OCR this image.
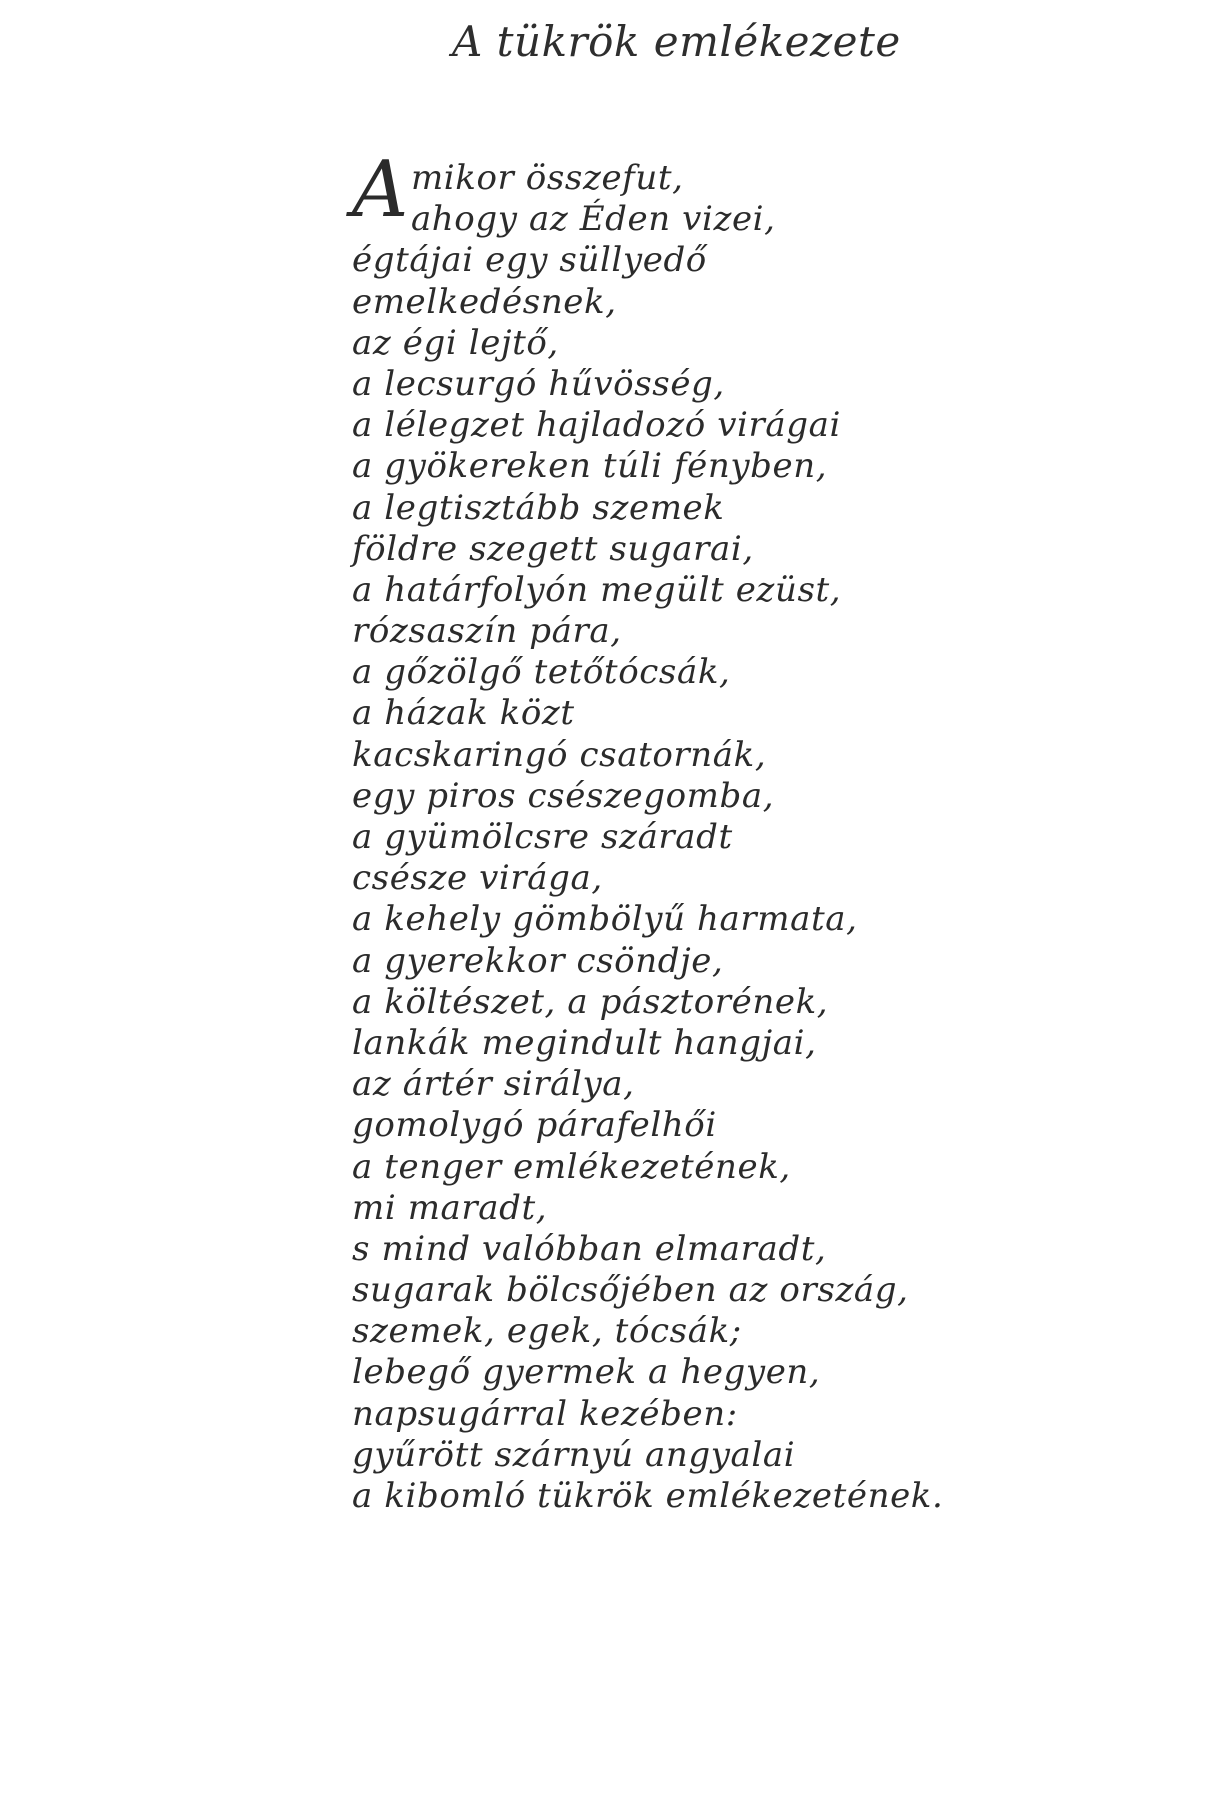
A tükrök emlékezete
Amikor összefut,
ahogy az Éden vizei,
égtájai egy süllyedő
emelkedésnek,
az égi lejtő,
a lecsurgó hűvösség,
a lélegzet hajladozó virágai
a gyökereken túli fényben,
a legtisztább szemek
földre szegett sugarai,
a határfolyón megült ezüst,
rózsaszín pára,
a gőzölgő tetőtócsák,
a házak közt
kacskaringó csatornák,
egy piros csészegomba,
a gyümölcsre száradt
csésze virága,
a kehely gömbölyű harmata,
a gyerekkor csöndje,
a költészet, a pásztorének,
lankák megindult hangjai,
az ártér sirálya,
gomolygó párafelhői
a tenger emlékezetének,
mi maradt,
s mind valóbban elmaradt,
sugarak bölcsőjében az ország,
szemek, egek, tócsák;
lebegő gyermek a hegyen,
napsugárral kezében:
gyűrött szárnyú angyalai
a kibomló tükrök emlékezetének.
